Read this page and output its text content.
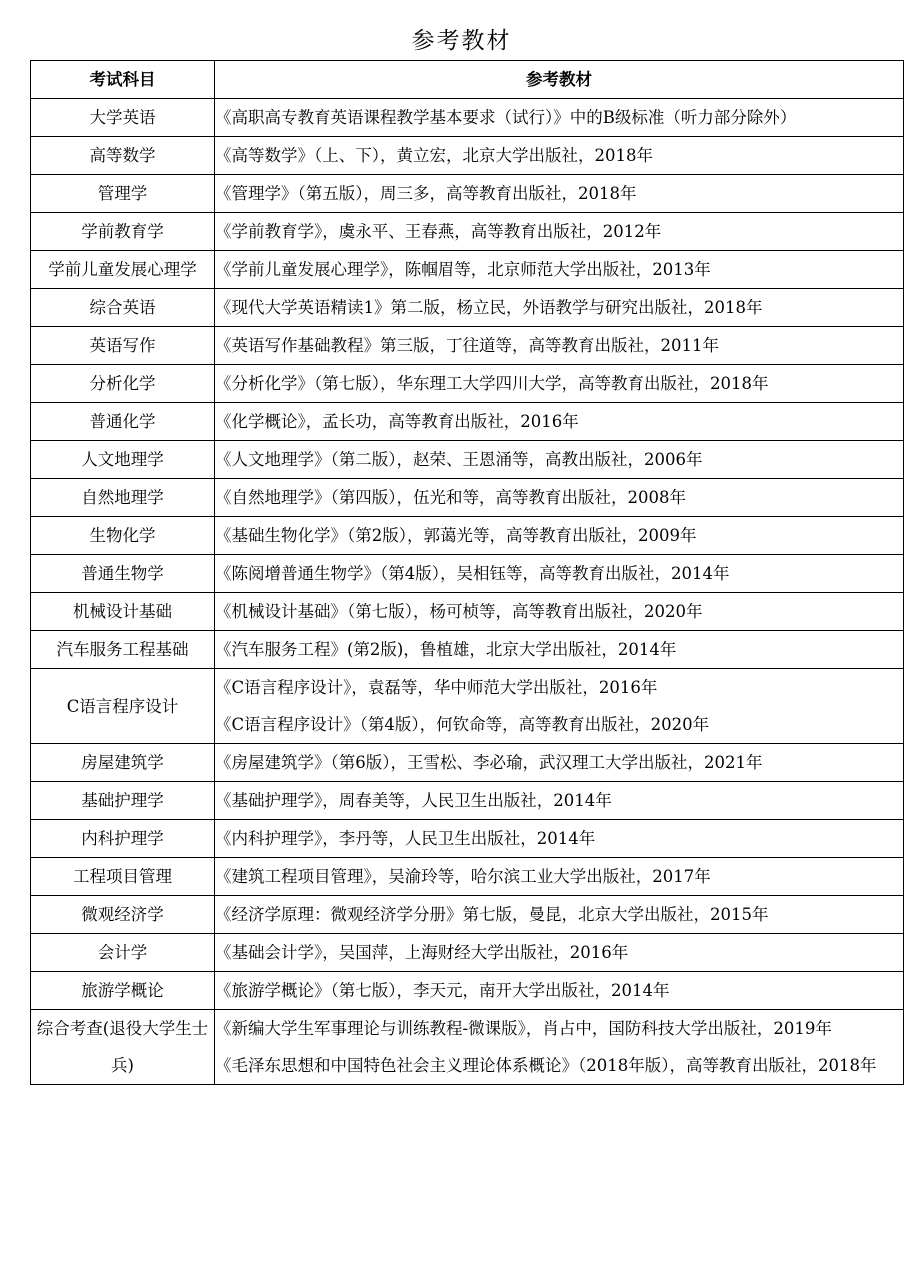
参考教材
考试科目	参考教材
大学英语	《高职高专教育英语课程教学基本要求（试行）》中的B级标准（听力部分除外）

高等数学	《高等数学》（上、下），黄立宏，北京大学出版社，2018年

管理学	《管理学》（第五版），周三多，高等教育出版社，2018年

学前教育学	《学前教育学》，虞永平、王春燕，高等教育出版社，2012年

学前儿童发展心理学	《学前儿童发展心理学》，陈帼眉等，北京师范大学出版社，2013年

综合英语	《现代大学英语精读1》第二版，杨立民，外语教学与研究出版社，2018年

英语写作	《英语写作基础教程》第三版，丁往道等，高等教育出版社，2011年

分析化学	《分析化学》（第七版），华东理工大学四川大学，高等教育出版社，2018年

普通化学	《化学概论》，孟长功，高等教育出版社，2016年

人文地理学	《人文地理学》（第二版），赵荣、王恩涌等，高教出版社，2006年

自然地理学	《自然地理学》（第四版），伍光和等，高等教育出版社，2008年

生物化学	《基础生物化学》（第2版），郭蔼光等，高等教育出版社，2009年

普通生物学	《陈阅增普通生物学》（第4版），吴相钰等，高等教育出版社，2014年

机械设计基础	《机械设计基础》（第七版），杨可桢等，高等教育出版社，2020年

汽车服务工程基础	《汽车服务工程》(第2版)，鲁植雄，北京大学出版社，2014年

C语言程序设计	《C语言程序设计》，袁磊等，华中师范大学出版社，2016年
《C语言程序设计》（第4版），何钦命等，高等教育出版社，2020年

房屋建筑学	《房屋建筑学》（第6版），王雪松、李必瑜，武汉理工大学出版社，2021年

基础护理学	《基础护理学》，周春美等，人民卫生出版社，2014年

内科护理学	《内科护理学》，李丹等，人民卫生出版社，2014年

工程项目管理	《建筑工程项目管理》，吴渝玲等，哈尔滨工业大学出版社，2017年

微观经济学	《经济学原理：微观经济学分册》第七版，曼昆，北京大学出版社，2015年

会计学	《基础会计学》，吴国萍，上海财经大学出版社，2016年

旅游学概论	《旅游学概论》（第七版），李天元，南开大学出版社，2014年

综合考查(退役大学生士兵)	《新编大学生军事理论与训练教程-微课版》，肖占中，国防科技大学出版社，2019年
《毛泽东思想和中国特色社会主义理论体系概论》（2018年版），高等教育出版社，2018年
